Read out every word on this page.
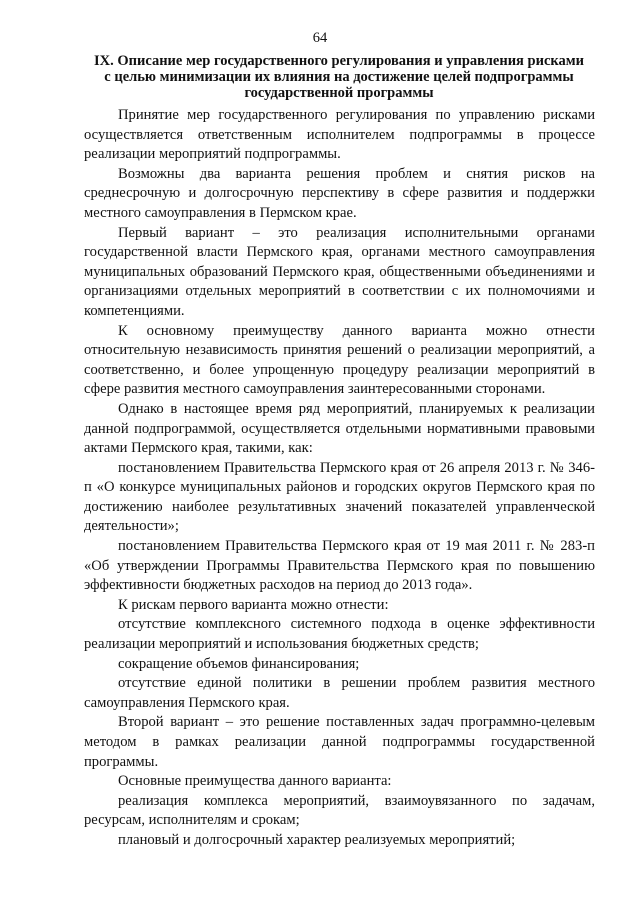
64
IX. Описание мер государственного регулирования и управления рисками
с целью минимизации их влияния на достижение целей подпрограммы
государственной программы

Принятие мер государственного регулирования по управлению рисками осуществляется ответственным исполнителем подпрограммы в процессе реализации мероприятий подпрограммы.

Возможны два варианта решения проблем и снятия рисков на среднесрочную и долгосрочную перспективу в сфере развития и поддержки местного самоуправления в Пермском крае.

Первый вариант – это реализация исполнительными органами государственной власти Пермского края, органами местного самоуправления муниципальных образований Пермского края, общественными объединениями и организациями отдельных мероприятий в соответствии с их полномочиями и компетенциями.

К основному преимуществу данного варианта можно отнести относительную независимость принятия решений о реализации мероприятий, а соответственно, и более упрощенную процедуру реализации мероприятий в сфере развития местного самоуправления заинтересованными сторонами.

Однако в настоящее время ряд мероприятий, планируемых к реализации данной подпрограммой, осуществляется отдельными нормативными правовыми актами Пермского края, такими, как:

постановлением Правительства Пермского края от 26 апреля 2013 г. № 346-п «О конкурсе муниципальных районов и городских округов Пермского края по достижению наиболее результативных значений показателей управленческой деятельности»;

постановлением Правительства Пермского края от 19 мая 2011 г. № 283-п «Об утверждении Программы Правительства Пермского края по повышению эффективности бюджетных расходов на период до 2013 года».

К рискам первого варианта можно отнести:

отсутствие комплексного системного подхода в оценке эффективности реализации мероприятий и использования бюджетных средств;

сокращение объемов финансирования;

отсутствие единой политики в решении проблем развития местного самоуправления Пермского края.

Второй вариант – это решение поставленных задач программно-целевым методом в рамках реализации данной подпрограммы государственной программы.

Основные преимущества данного варианта:

реализация комплекса мероприятий, взаимоувязанного по задачам, ресурсам, исполнителям и срокам;

плановый и долгосрочный характер реализуемых мероприятий;
